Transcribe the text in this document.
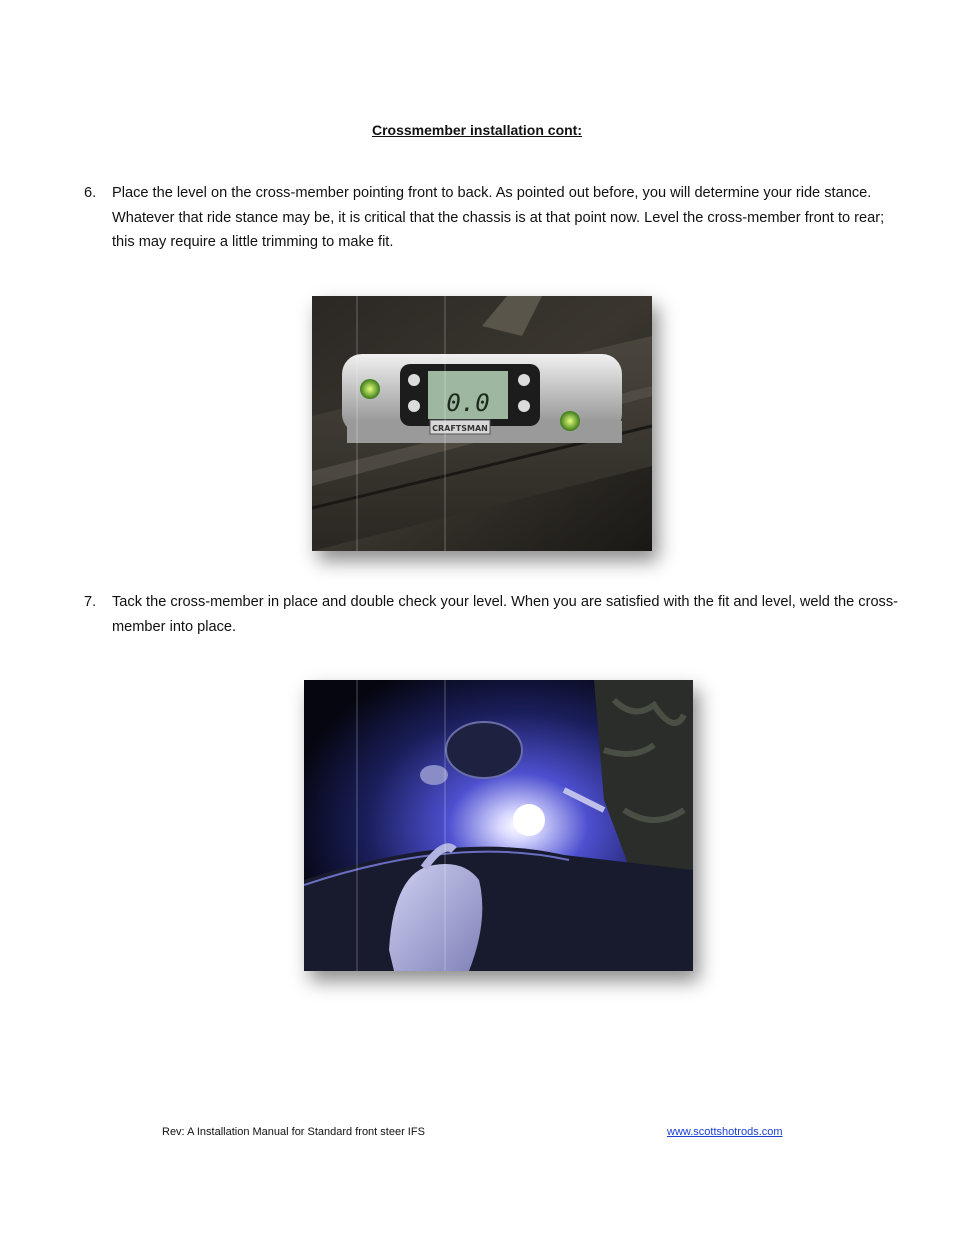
Crossmember installation cont:
6. Place the level on the cross-member pointing front to back. As pointed out before, you will determine your ride stance. Whatever that ride stance may be, it is critical that the chassis is at that point now. Level the cross-member front to rear; this may require a little trimming to make fit.
0.0
CRAFTSMAN
7. Tack the cross-member in place and double check your level. When you are satisfied with the fit and level, weld the cross-member into place.
Rev: A Installation Manual for Standard front steer IFS	www.scottshotrods.com
